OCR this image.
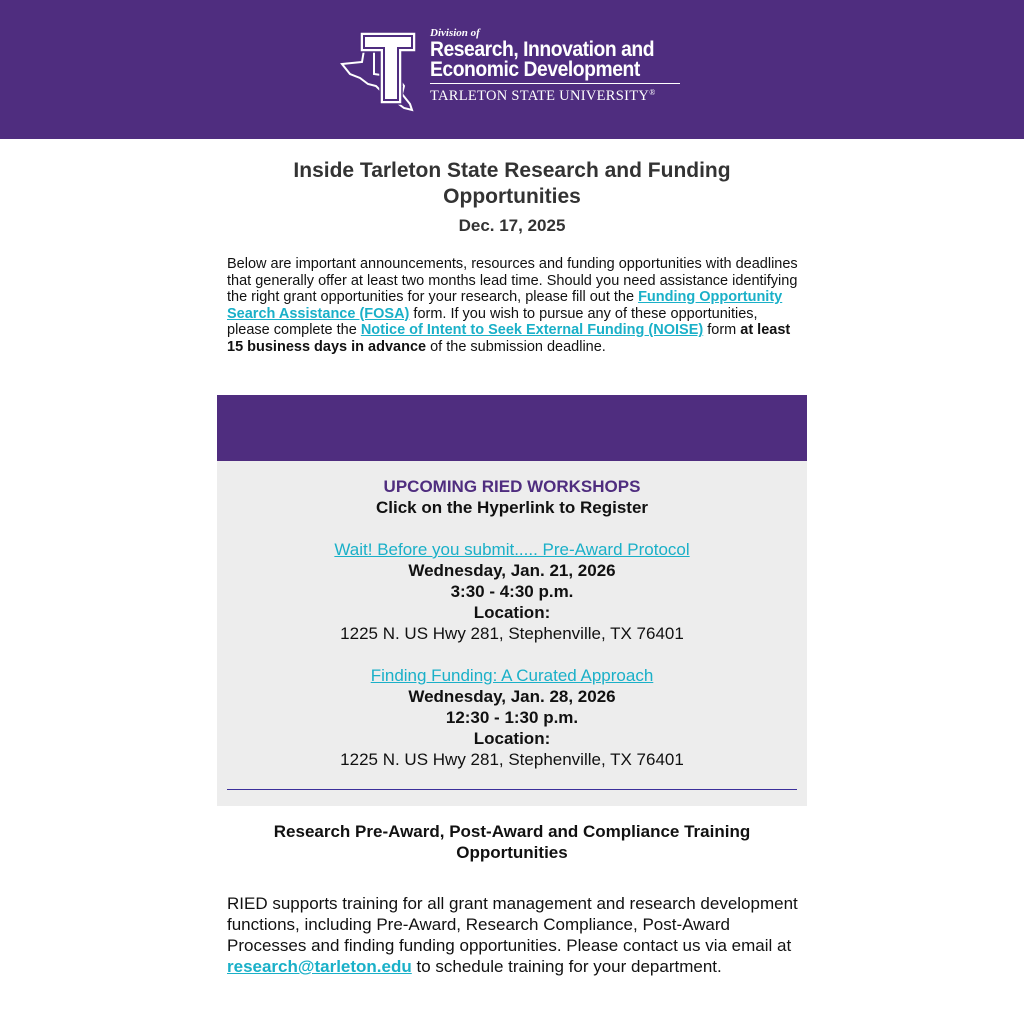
Division of
Research, Innovation and
Economic Development
TARLETON STATE UNIVERSITY®
Inside Tarleton State Research and Funding Opportunities
Dec. 17, 2025
Below are important announcements, resources and funding opportunities with deadlines that generally offer at least two months lead time. Should you need assistance identifying the right grant opportunities for your research, please fill out the Funding Opportunity Search Assistance (FOSA) form. If you wish to pursue any of these opportunities, please complete the Notice of Intent to Seek External Funding (NOISE) form at least 15 business days in advance of the submission deadline.
UPCOMING RIED WORKSHOPS
Click on the Hyperlink to Register
Wait! Before you submit..... Pre-Award Protocol
Wednesday, Jan. 21, 2026
3:30 - 4:30 p.m.
Location:
1225 N. US Hwy 281, Stephenville, TX 76401
Finding Funding: A Curated Approach
Wednesday, Jan. 28, 2026
12:30 - 1:30 p.m.
Location:
1225 N. US Hwy 281, Stephenville, TX 76401
Research Pre-Award, Post-Award and Compliance Training Opportunities
RIED supports training for all grant management and research development functions, including Pre-Award, Research Compliance, Post-Award Processes and finding funding opportunities. Please contact us via email at research@tarleton.edu to schedule training for your department.
